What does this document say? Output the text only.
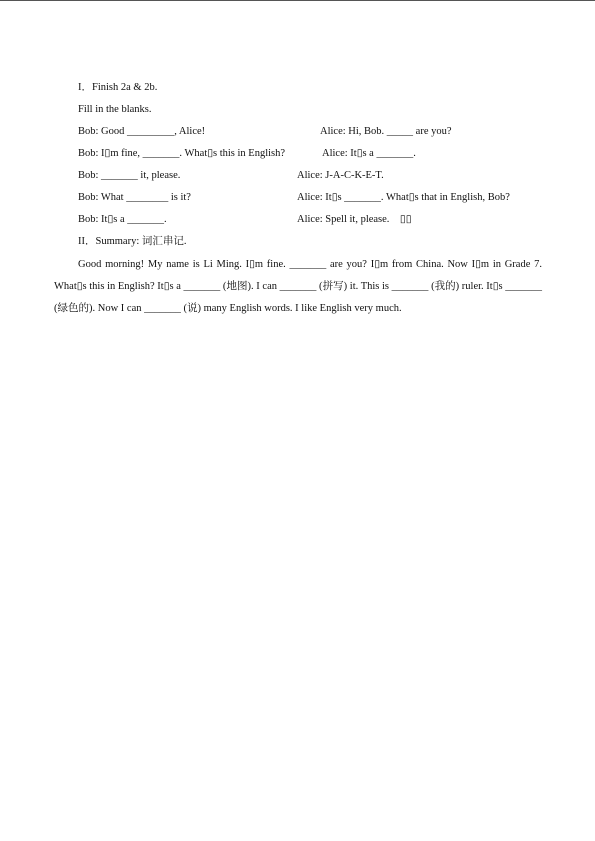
I．Finish 2a & 2b.
Fill in the blanks.
Bob: Good _________, Alice!	Alice: Hi, Bob. _____ are you?
Bob: I▯m fine, _______. What▯s this in English?	Alice: It▯s a _______.
Bob: _______ it, please.	Alice: J-A-C-K-E-T.
Bob: What ________ is it?	Alice: It▯s _______. What▯s that in English, Bob?
Bob: It▯s a _______.	Alice: Spell it, please.　▯▯
II．Summary: 词汇串记.
Good morning! My name is Li Ming. I▯m fine. _______ are you? I▯m from China. Now I▯m in Grade 7. What▯s this in English? It▯s a _______ (地图). I can _______ (拼写) it. This is _______ (我的) ruler. It▯s _______ (绿色的). Now I can _______ (说) many English words. I like English very much.
